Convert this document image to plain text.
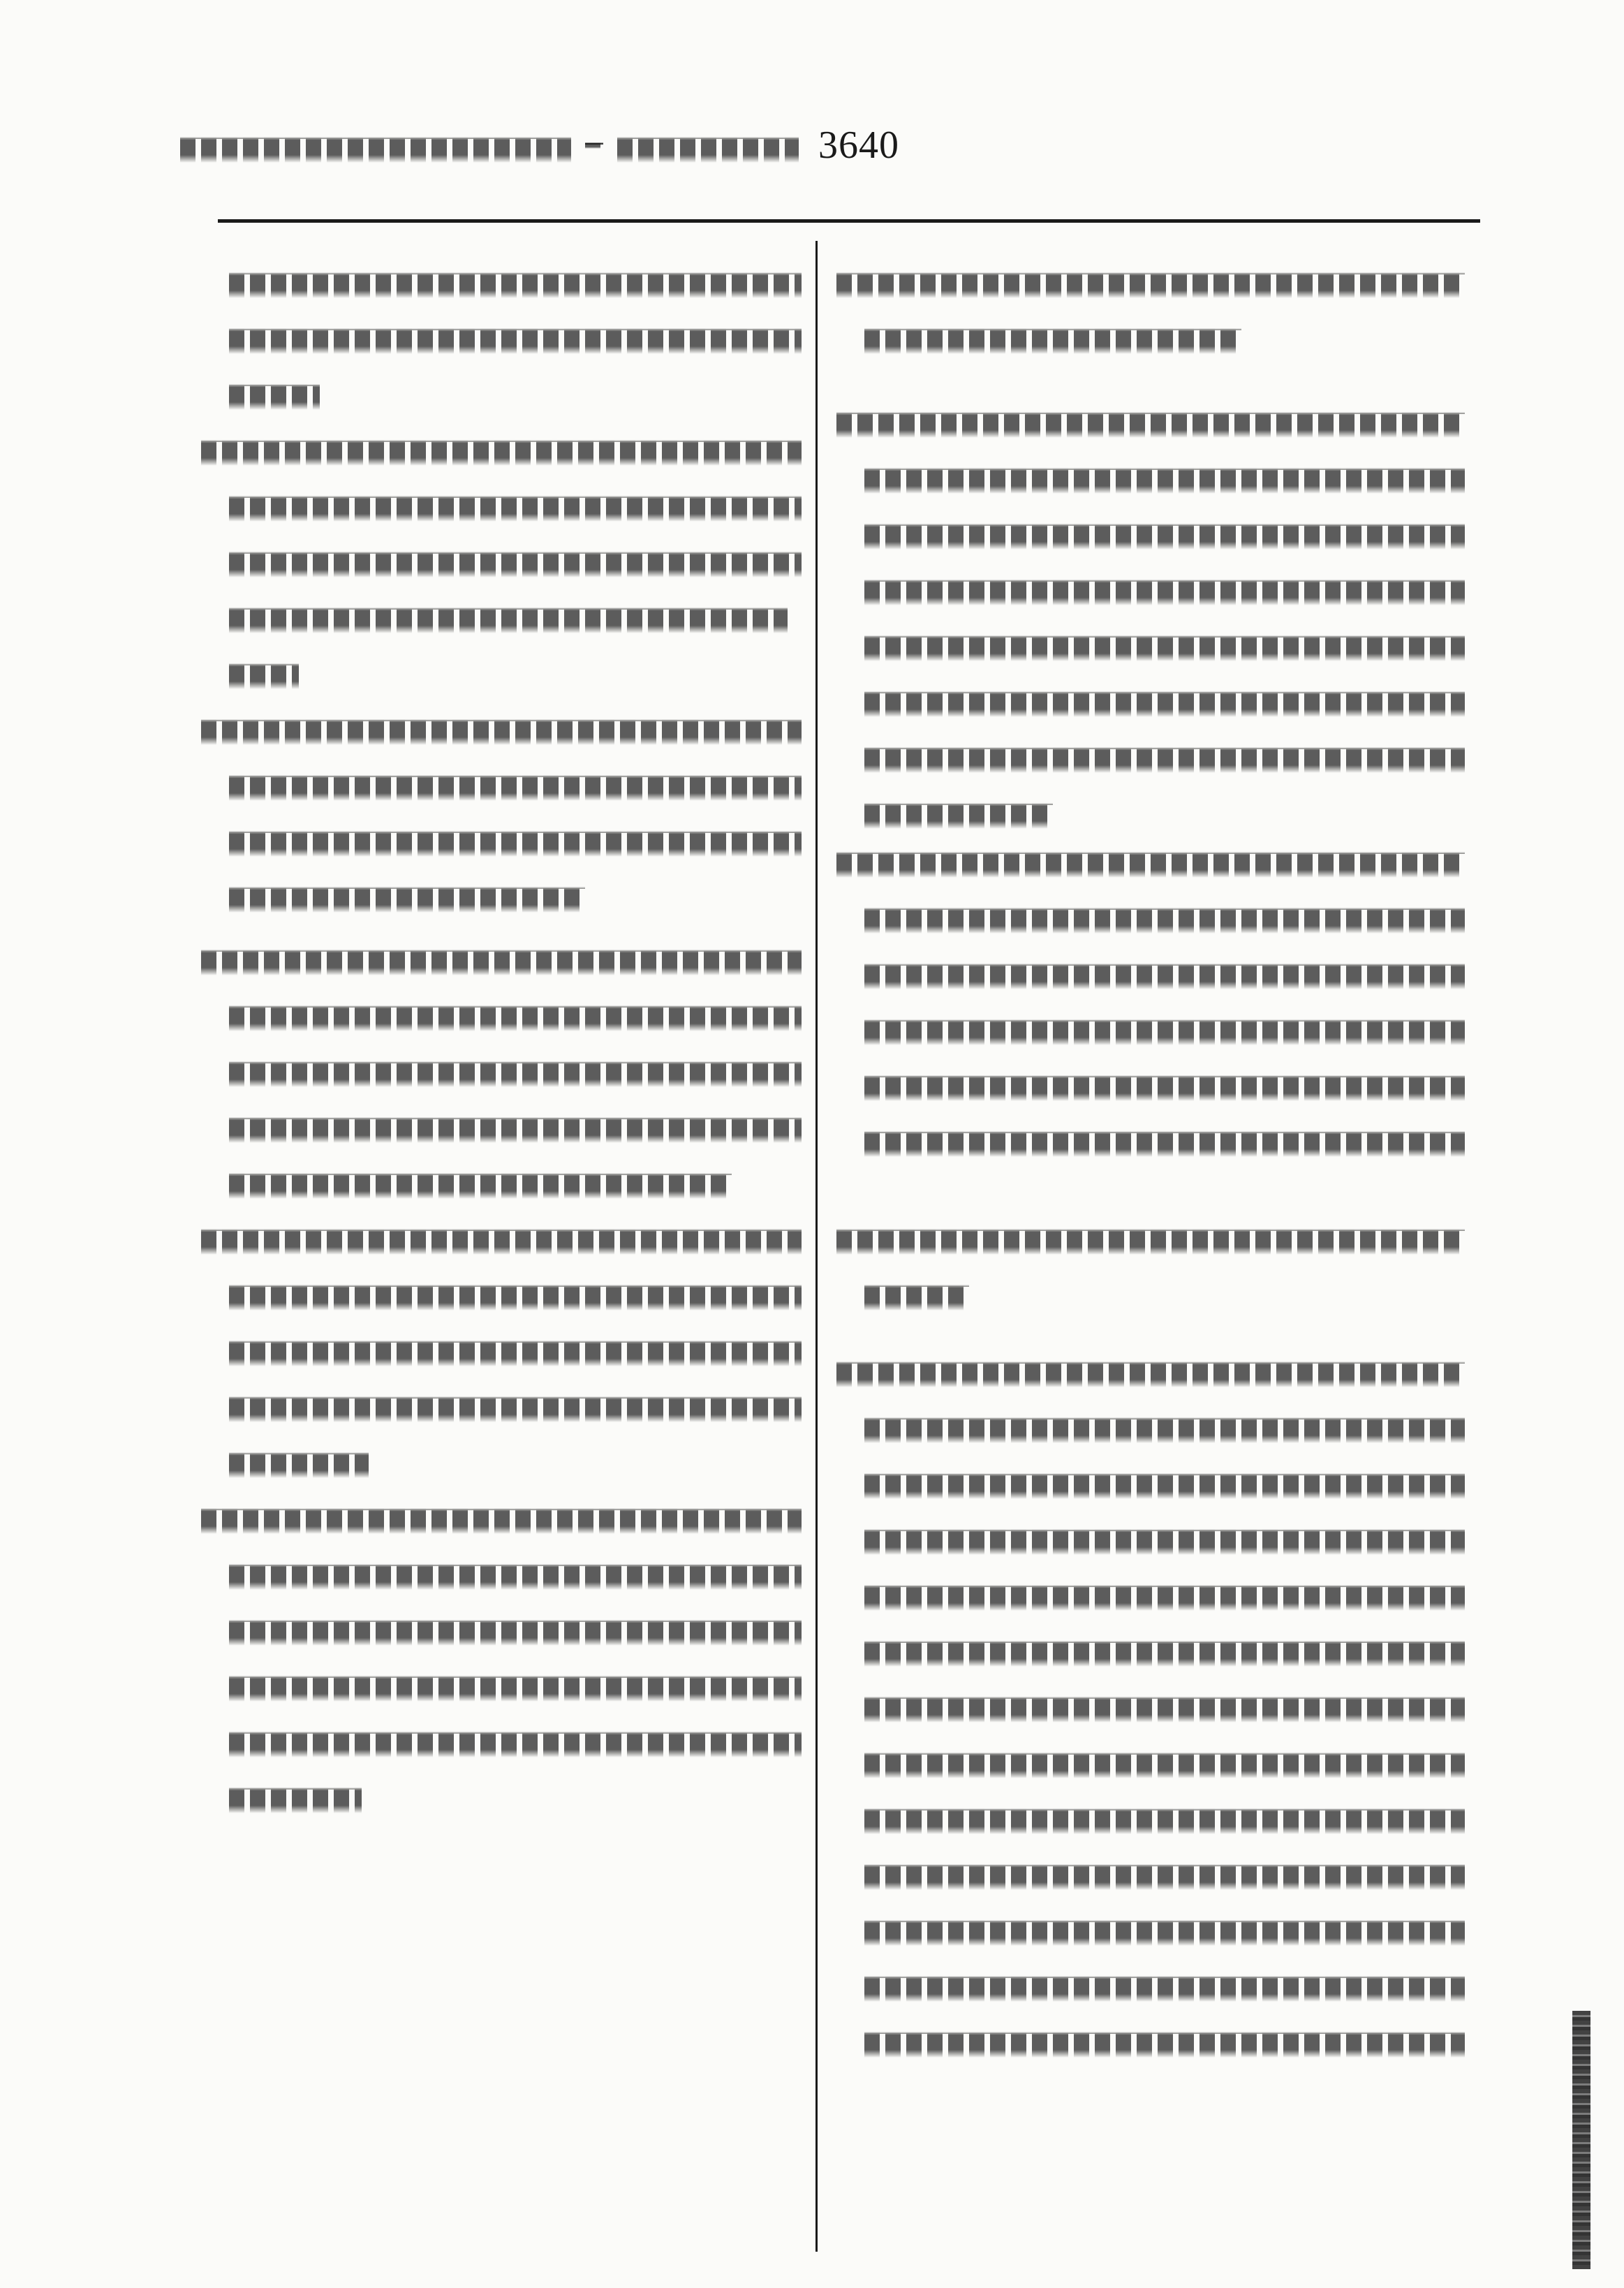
3640
